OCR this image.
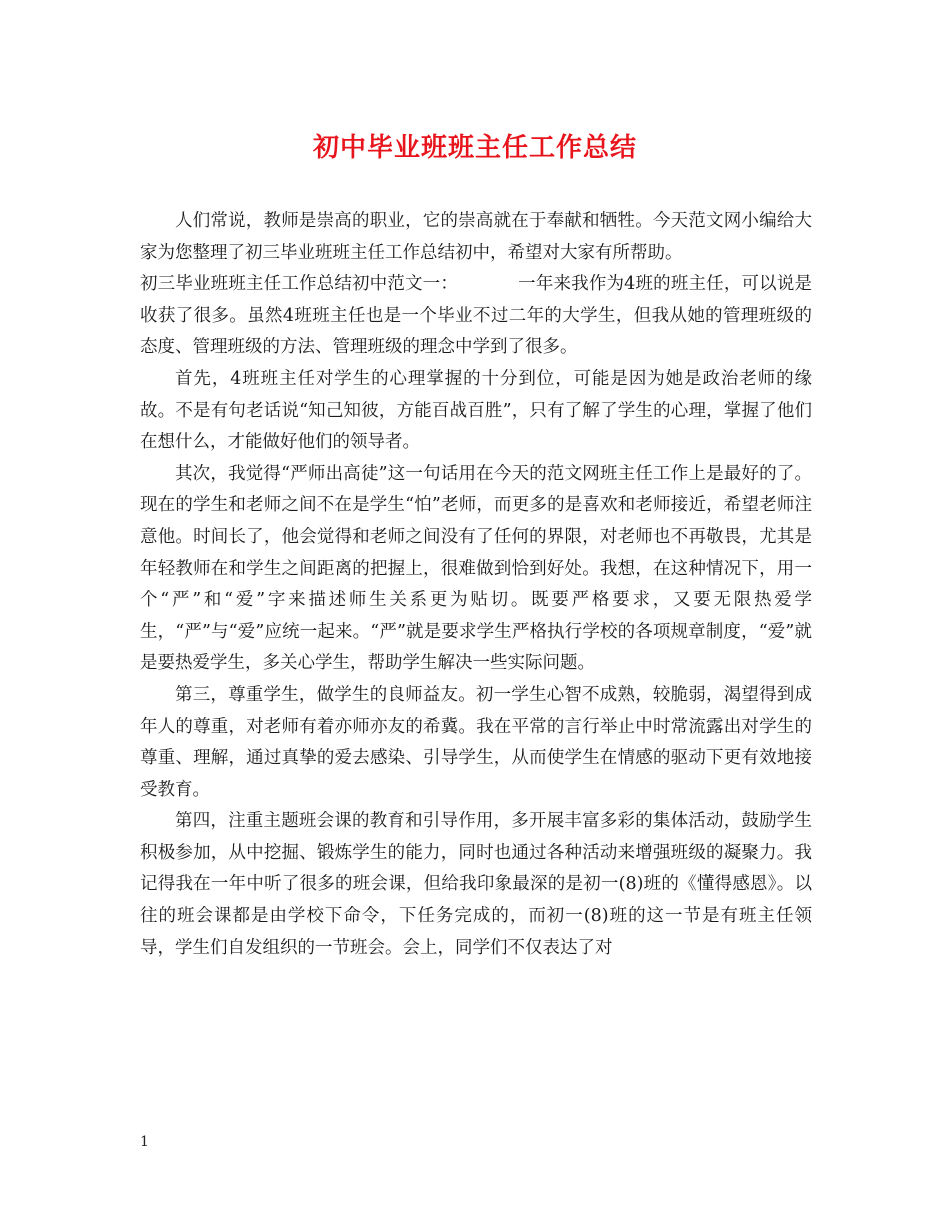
初中毕业班班主任工作总结

人们常说，教师是崇高的职业，它的崇高就在于奉献和牺牲。今天范文网小编给大家为您整理了初三毕业班班主任工作总结初中，希望对大家有所帮助。

初三毕业班班主任工作总结初中范文一：	一年来我作为4班的班主任，可以说是收获了很多。虽然4班班主任也是一个毕业不过二年的大学生，但我从她的管理班级的态度、管理班级的方法、管理班级的理念中学到了很多。

首先，4班班主任对学生的心理掌握的十分到位，可能是因为她是政治老师的缘故。不是有句老话说“知己知彼，方能百战百胜”，只有了解了学生的心理，掌握了他们在想什么，才能做好他们的领导者。

其次，我觉得“严师出高徒”这一句话用在今天的范文网班主任工作上是最好的了。现在的学生和老师之间不在是学生“怕”老师，而更多的是喜欢和老师接近，希望老师注意他。时间长了，他会觉得和老师之间没有了任何的界限，对老师也不再敬畏，尤其是年轻教师在和学生之间距离的把握上，很难做到恰到好处。我想，在这种情况下，用一个“严”和“爱”字来描述师生关系更为贴切。既要严格要求，又要无限热爱学生，“严”与“爱”应统一起来。“严”就是要求学生严格执行学校的各项规章制度，“爱”就是要热爱学生，多关心学生，帮助学生解决一些实际问题。

第三，尊重学生，做学生的良师益友。初一学生心智不成熟，较脆弱，渴望得到成年人的尊重，对老师有着亦师亦友的希冀。我在平常的言行举止中时常流露出对学生的尊重、理解，通过真挚的爱去感染、引导学生，从而使学生在情感的驱动下更有效地接受教育。

第四，注重主题班会课的教育和引导作用，多开展丰富多彩的集体活动，鼓励学生积极参加，从中挖掘、锻炼学生的能力，同时也通过各种活动来增强班级的凝聚力。我记得我在一年中听了很多的班会课，但给我印象最深的是初一(8)班的《懂得感恩》。以往的班会课都是由学校下命令，下任务完成的，而初一(8)班的这一节是有班主任领导，学生们自发组织的一节班会。会上，同学们不仅表达了对

1
